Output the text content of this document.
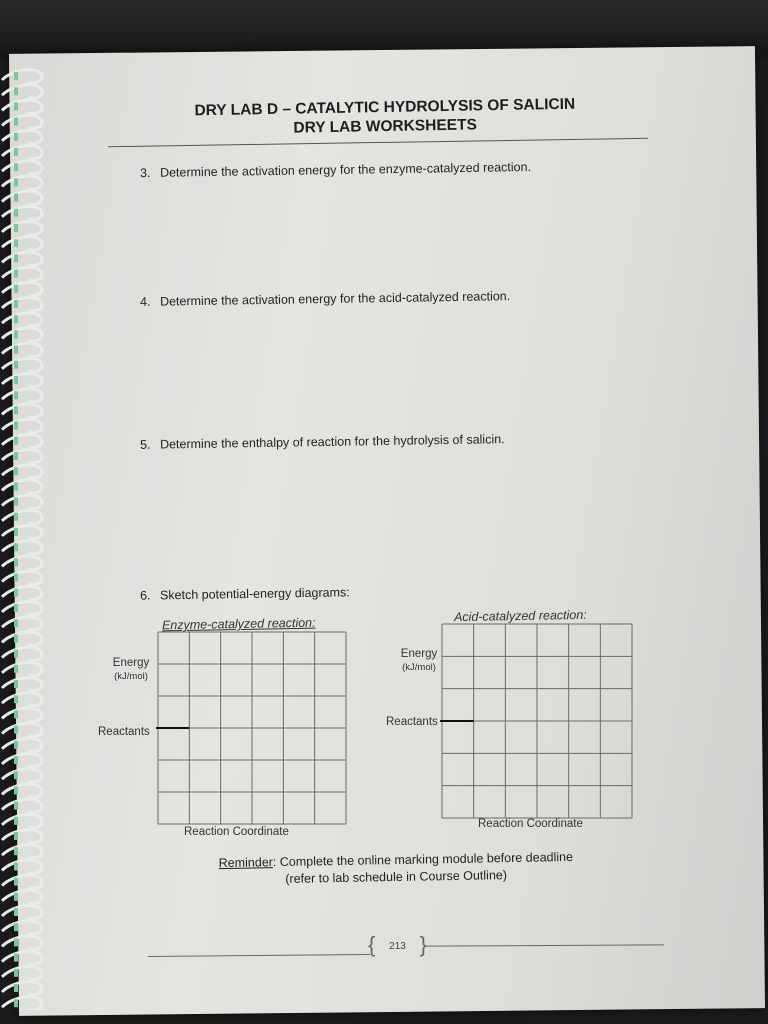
DRY LAB D – CATALYTIC HYDROLYSIS OF SALICIN
DRY LAB WORKSHEETS
3. Determine the activation energy for the enzyme-catalyzed reaction.
4. Determine the activation energy for the acid-catalyzed reaction.
5. Determine the enthalpy of reaction for the hydrolysis of salicin.
6. Sketch potential-energy diagrams:
Enzyme-catalyzed reaction:
Energy
(kJ/mol)
Reactants
Reaction Coordinate
Acid-catalyzed reaction:
Energy
(kJ/mol)
Reactants
Reaction Coordinate
Reminder: Complete the online marking module before deadline
(refer to lab schedule in Course Outline)
{ 213 }
